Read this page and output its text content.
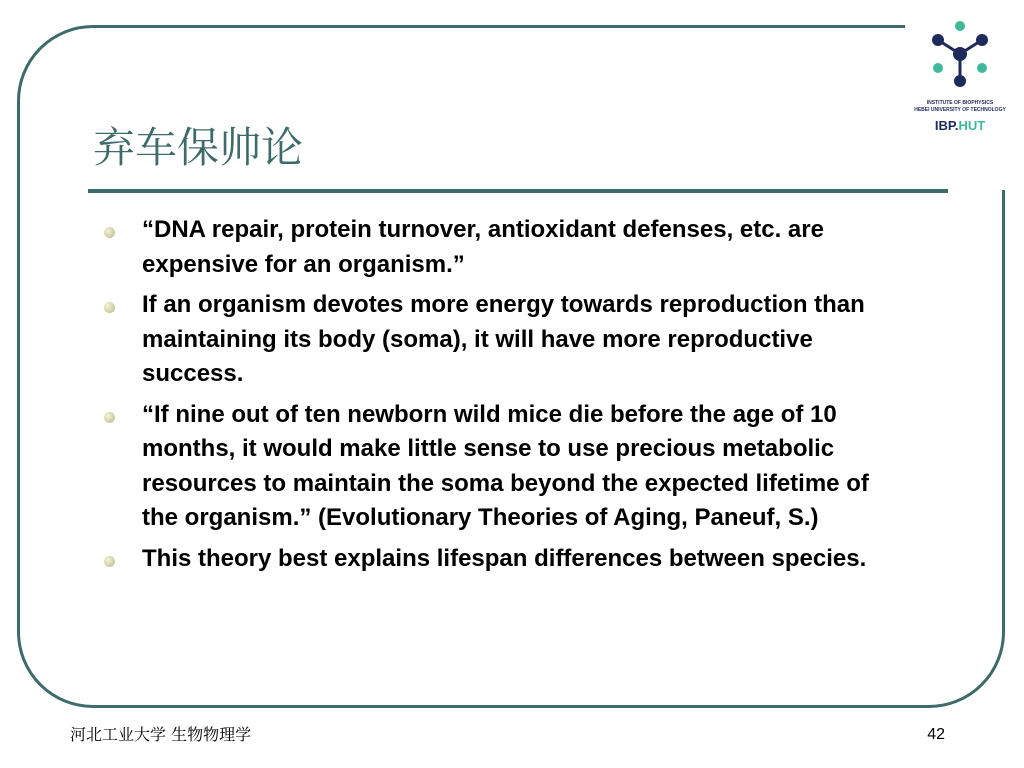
INSTITUTE OF BIOPHYSICS
HEBEI UNIVERSITY OF TECHNOLOGY
IBP.HUT
弃车保帅论
“DNA repair, protein turnover, antioxidant defenses, etc. are expensive for an organism.”
If an organism devotes more energy towards reproduction than maintaining its body (soma), it will have more reproductive success.
“If nine out of ten newborn wild mice die before the age of 10 months, it would make little sense to use precious metabolic resources to maintain the soma beyond the expected lifetime of the organism.” (Evolutionary Theories of Aging, Paneuf, S.)
This theory best explains lifespan differences between species.
河北工业大学 生物物理学	42
